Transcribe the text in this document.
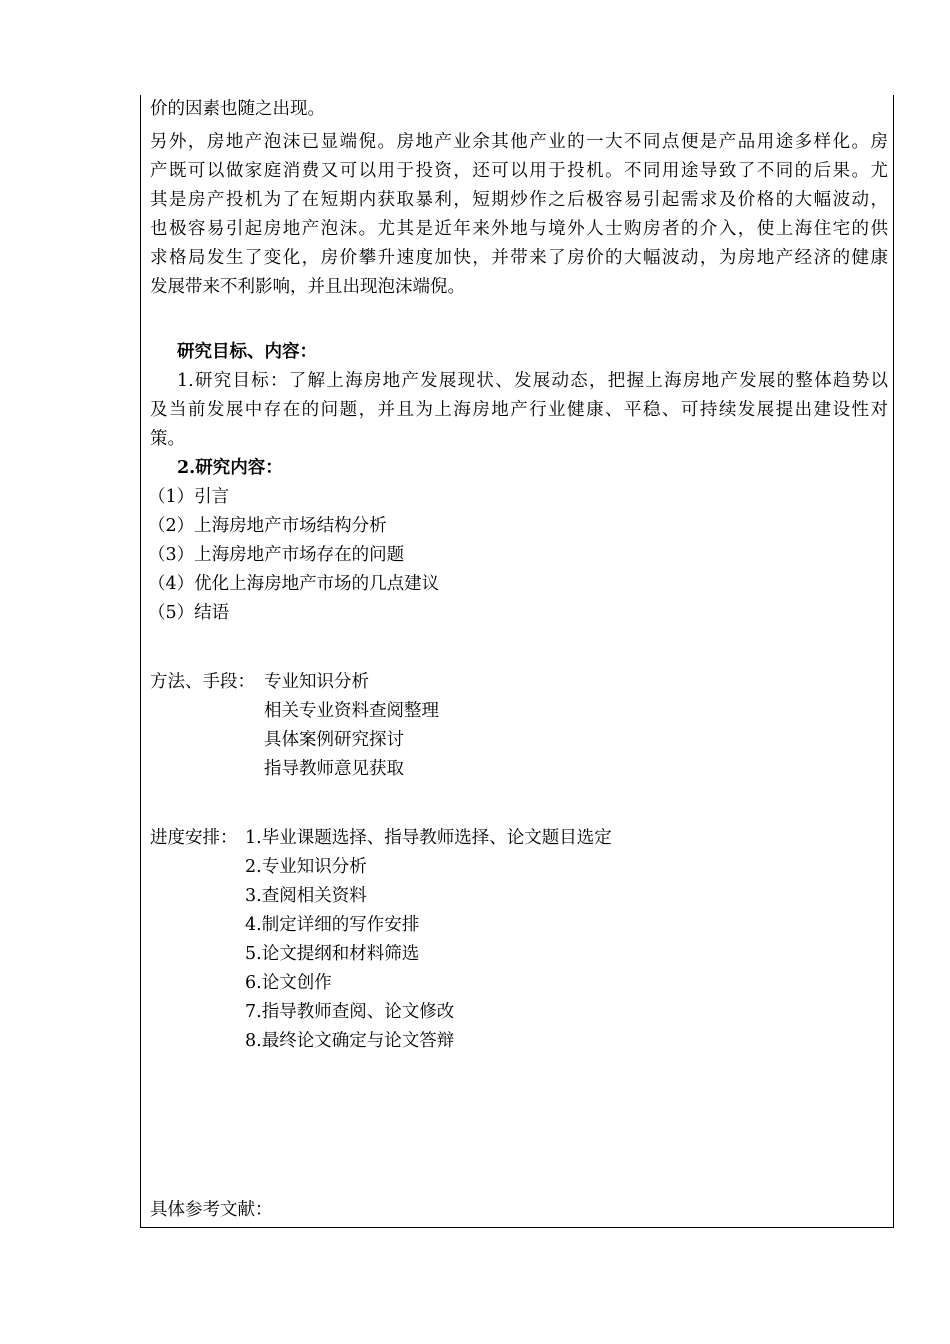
价的因素也随之出现。
另外，房地产泡沫已显端倪。房地产业余其他产业的一大不同点便是产品用途多样化。房
产既可以做家庭消费又可以用于投资，还可以用于投机。不同用途导致了不同的后果。尤
其是房产投机为了在短期内获取暴利，短期炒作之后极容易引起需求及价格的大幅波动，
也极容易引起房地产泡沫。尤其是近年来外地与境外人士购房者的介入，使上海住宅的供
求格局发生了变化，房价攀升速度加快，并带来了房价的大幅波动，为房地产经济的健康
发展带来不利影响，并且出现泡沫端倪。
研究目标、内容：
1.研究目标：了解上海房地产发展现状、发展动态，把握上海房地产发展的整体趋势以
及当前发展中存在的问题，并且为上海房地产行业健康、平稳、可持续发展提出建设性对
策。
2.研究内容：
（1）引言
（2）上海房地产市场结构分析
（3）上海房地产市场存在的问题
（4）优化上海房地产市场的几点建议
（5）结语
方法、手段： 专业知识分析
相关专业资料查阅整理
具体案例研究探讨
指导教师意见获取
进度安排： 1.毕业课题选择、指导教师选择、论文题目选定
2.专业知识分析
3.查阅相关资料
4.制定详细的写作安排
5.论文提纲和材料筛选
6.论文创作
7.指导教师查阅、论文修改
8.最终论文确定与论文答辩
具体参考文献：
